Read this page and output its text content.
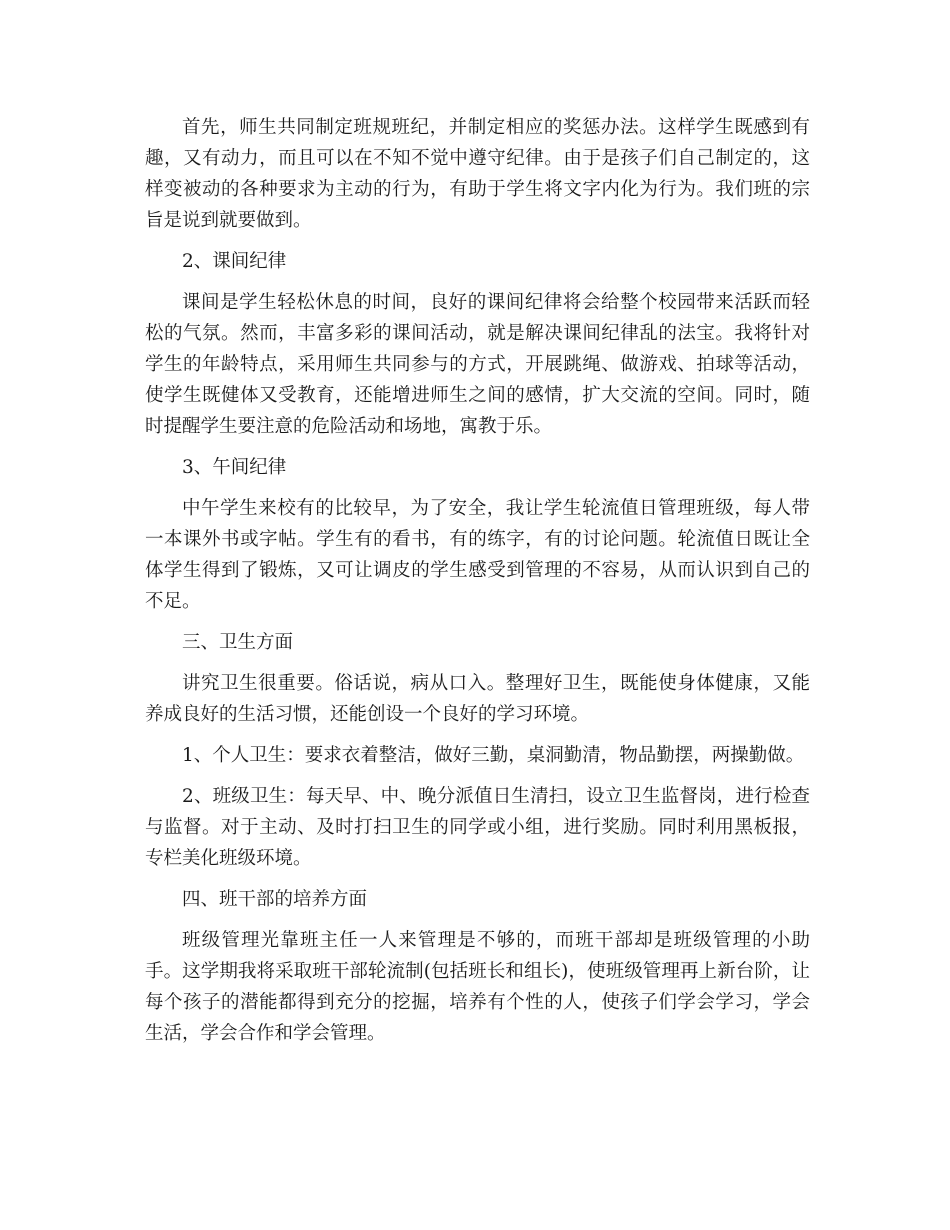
首先，师生共同制定班规班纪，并制定相应的奖惩办法。这样学生既感到有趣，又有动力，而且可以在不知不觉中遵守纪律。由于是孩子们自己制定的，这样变被动的各种要求为主动的行为，有助于学生将文字内化为行为。我们班的宗旨是说到就要做到。

2、课间纪律

课间是学生轻松休息的时间，良好的课间纪律将会给整个校园带来活跃而轻松的气氛。然而，丰富多彩的课间活动，就是解决课间纪律乱的法宝。我将针对学生的年龄特点，采用师生共同参与的方式，开展跳绳、做游戏、拍球等活动，使学生既健体又受教育，还能增进师生之间的感情，扩大交流的空间。同时，随时提醒学生要注意的危险活动和场地，寓教于乐。

3、午间纪律

中午学生来校有的比较早，为了安全，我让学生轮流值日管理班级，每人带一本课外书或字帖。学生有的看书，有的练字，有的讨论问题。轮流值日既让全体学生得到了锻炼，又可让调皮的学生感受到管理的不容易，从而认识到自己的不足。

三、卫生方面

讲究卫生很重要。俗话说，病从口入。整理好卫生，既能使身体健康，又能养成良好的生活习惯，还能创设一个良好的学习环境。

1、个人卫生：要求衣着整洁，做好三勤，桌洞勤清，物品勤摆，两操勤做。

2、班级卫生：每天早、中、晚分派值日生清扫，设立卫生监督岗，进行检查与监督。对于主动、及时打扫卫生的同学或小组，进行奖励。同时利用黑板报，专栏美化班级环境。

四、班干部的培养方面

班级管理光靠班主任一人来管理是不够的，而班干部却是班级管理的小助手。这学期我将采取班干部轮流制(包括班长和组长)，使班级管理再上新台阶，让每个孩子的潜能都得到充分的挖掘，培养有个性的人，使孩子们学会学习，学会生活，学会合作和学会管理。
